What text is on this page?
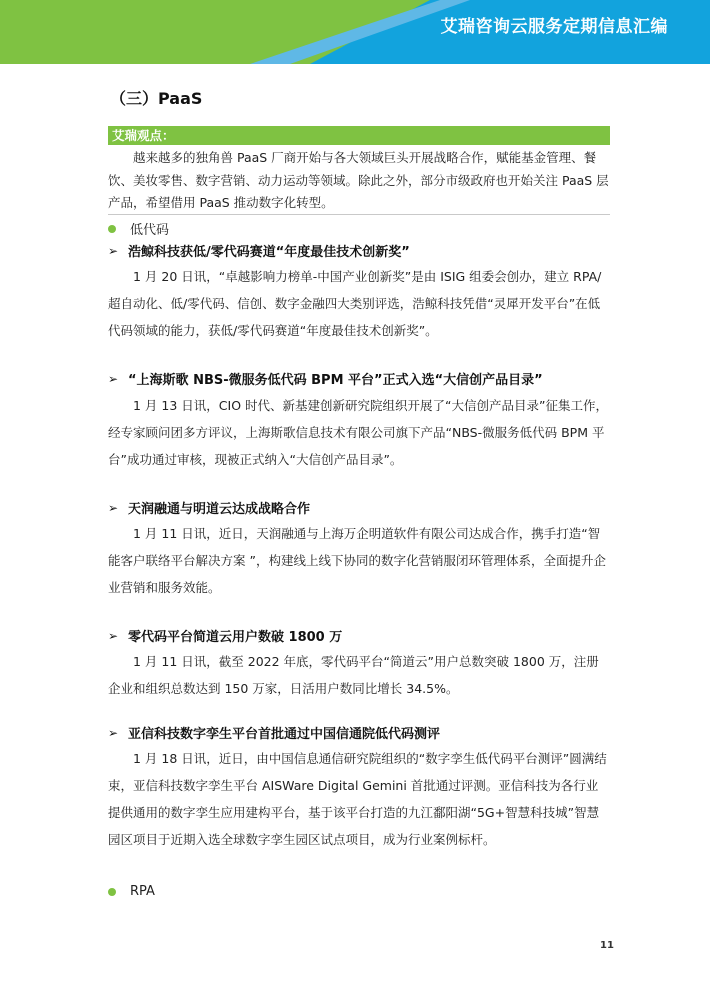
艾瑞咨询云服务定期信息汇编
（三）PaaS
艾瑞观点：
越来越多的独角兽 PaaS 厂商开始与各大领域巨头开展战略合作，赋能基金管理、餐饮、美妆零售、数字营销、动力运动等领域。除此之外，部分市级政府也开始关注 PaaS 层产品，希望借用 PaaS 推动数字化转型。
低代码
➢ 浩鲸科技获低/零代码赛道“年度最佳技术创新奖”

1 月 20 日讯，“卓越影响力榜单-中国产业创新奖”是由 ISIG 组委会创办，建立 RPA/超自动化、低/零代码、信创、数字金融四大类别评选，浩鲸科技凭借“灵犀开发平台”在低代码领域的能力，获低/零代码赛道“年度最佳技术创新奖”。

➢ “上海斯歌 NBS-微服务低代码 BPM 平台”正式入选“大信创产品目录”

1 月 13 日讯，CIO 时代、新基建创新研究院组织开展了“大信创产品目录”征集工作，经专家顾问团多方评议，上海斯歌信息技术有限公司旗下产品“NBS-微服务低代码 BPM 平台”成功通过审核，现被正式纳入“大信创产品目录”。

➢ 天润融通与明道云达成战略合作

1 月 11 日讯，近日，天润融通与上海万企明道软件有限公司达成合作，携手打造“智能客户联络平台解决方案 ”，构建线上线下协同的数字化营销服闭环管理体系，全面提升企业营销和服务效能。

➢ 零代码平台简道云用户数破 1800 万

1 月 11 日讯，截至 2022 年底，零代码平台“简道云”用户总数突破 1800 万，注册企业和组织总数达到 150 万家，日活用户数同比增长 34.5%。

➢ 亚信科技数字孪生平台首批通过中国信通院低代码测评

1 月 18 日讯，近日，由中国信息通信研究院组织的“数字孪生低代码平台测评”圆满结束，亚信科技数字孪生平台 AISWare Digital Gemini 首批通过评测。亚信科技为各行业提供通用的数字孪生应用建构平台，基于该平台打造的九江鄱阳湖“5G+智慧科技城”智慧园区项目于近期入选全球数字孪生园区试点项目，成为行业案例标杆。

RPA
11
